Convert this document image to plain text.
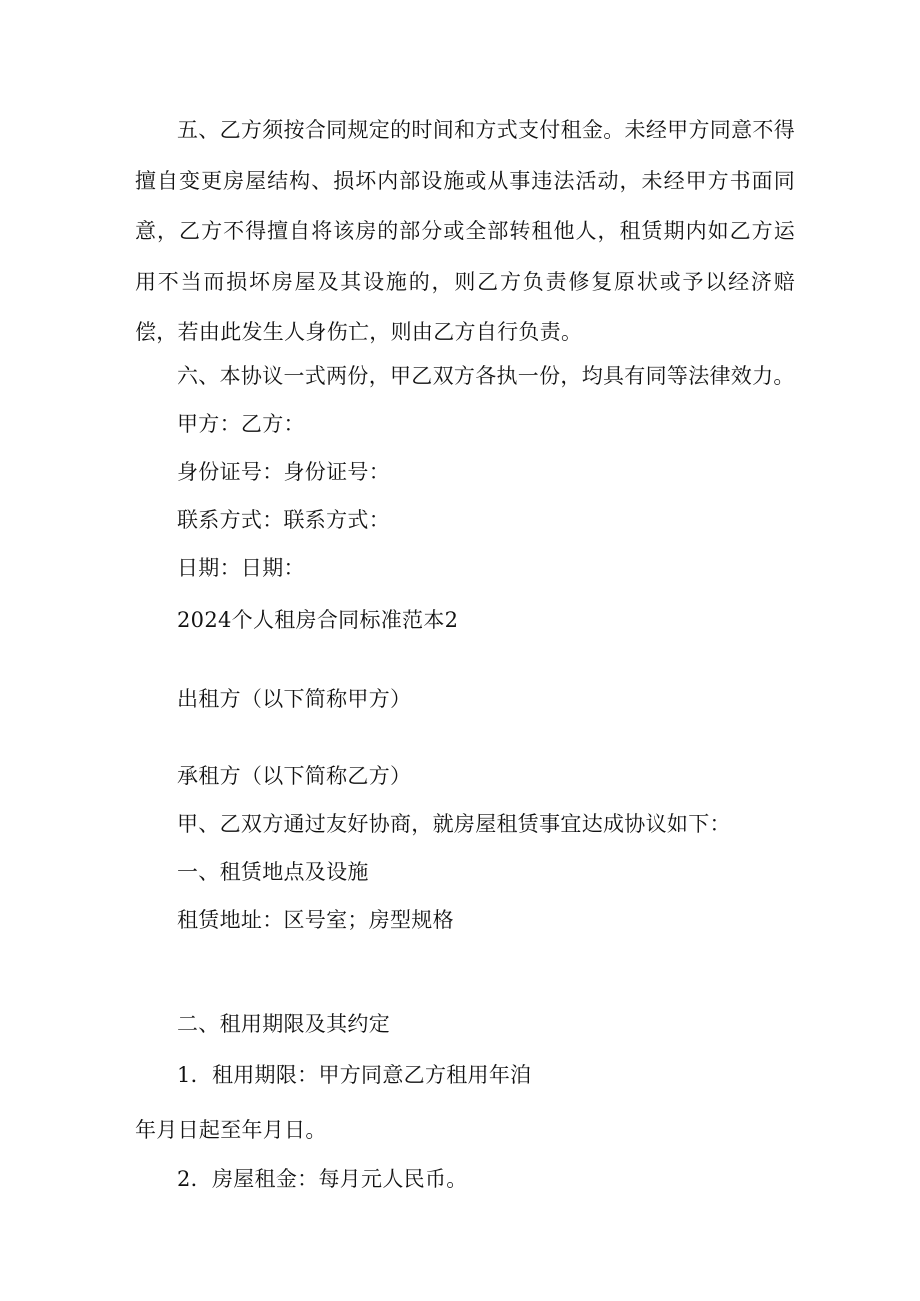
五、乙方须按合同规定的时间和方式支付租金。未经甲方同意不得擅自变更房屋结构、损坏内部设施或从事违法活动，未经甲方书面同意，乙方不得擅自将该房的部分或全部转租他人，租赁期内如乙方运用不当而损坏房屋及其设施的，则乙方负责修复原状或予以经济赔偿，若由此发生人身伤亡，则由乙方自行负责。

六、本协议一式两份，甲乙双方各执一份，均具有同等法律效力。

甲方：乙方：

身份证号：身份证号：

联系方式：联系方式：

日期：日期：

2024个人租房合同标准范本2

出租方（以下简称甲方）

承租方（以下简称乙方）

甲、乙双方通过友好协商，就房屋租赁事宜达成协议如下：

一、租赁地点及设施

租赁地址：区号室；房型规格

二、租用期限及其约定

1．租用期限：甲方同意乙方租用年洎

年月日起至年月日。

2．房屋租金：每月元人民币。
